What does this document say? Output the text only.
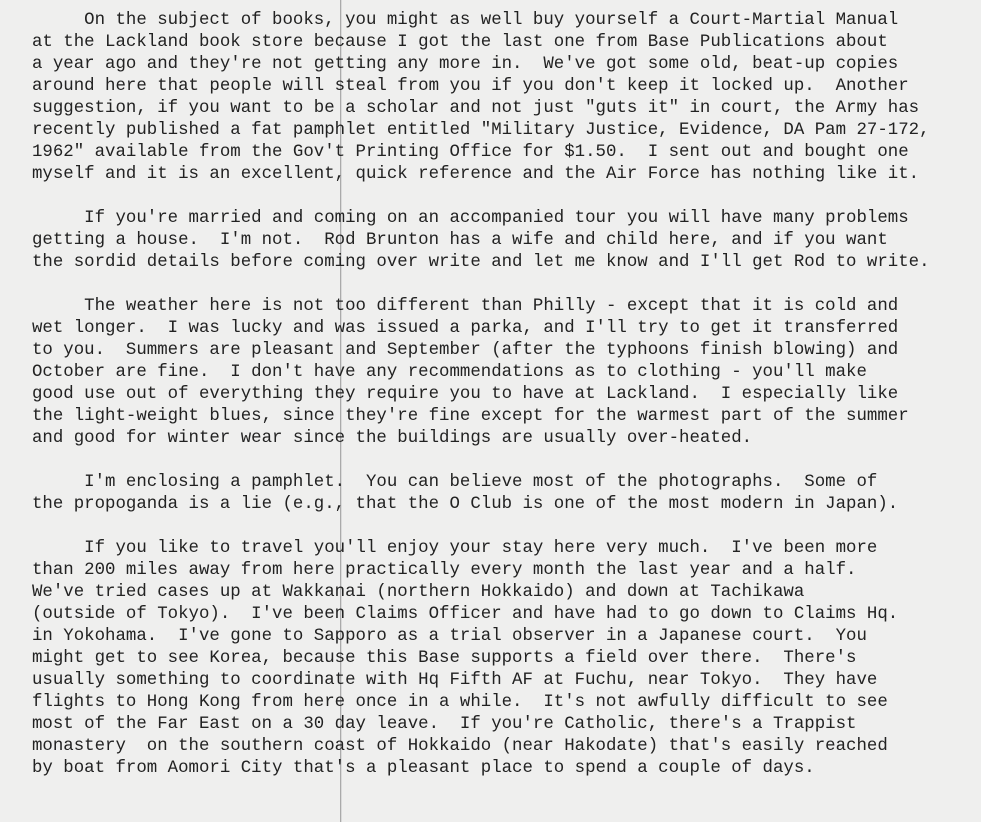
On the subject of books, you might as well buy yourself a Court-Martial Manual
at the Lackland book store because I got the last one from Base Publications about
a year ago and they're not getting any more in.  We've got some old, beat-up copies
around here that people will steal from you if you don't keep it locked up.  Another
suggestion, if you want to be a scholar and not just "guts it" in court, the Army has
recently published a fat pamphlet entitled "Military Justice, Evidence, DA Pam 27-172,
1962" available from the Gov't Printing Office for $1.50.  I sent out and bought one
myself and it is an excellent, quick reference and the Air Force has nothing like it.
If you're married and coming on an accompanied tour you will have many problems
getting a house.  I'm not.  Rod Brunton has a wife and child here, and if you want
the sordid details before coming over write and let me know and I'll get Rod to write.
The weather here is not too different than Philly - except that it is cold and
wet longer.  I was lucky and was issued a parka, and I'll try to get it transferred
to you.  Summers are pleasant and September (after the typhoons finish blowing) and
October are fine.  I don't have any recommendations as to clothing - you'll make
good use out of everything they require you to have at Lackland.  I especially like
the light-weight blues, since they're fine except for the warmest part of the summer
and good for winter wear since the buildings are usually over-heated.
I'm enclosing a pamphlet.  You can believe most of the photographs.  Some of
the propoganda is a lie (e.g., that the O Club is one of the most modern in Japan).
If you like to travel you'll enjoy your stay here very much.  I've been more
than 200 miles away from here practically every month the last year and a half.
We've tried cases up at Wakkanai (northern Hokkaido) and down at Tachikawa
(outside of Tokyo).  I've been Claims Officer and have had to go down to Claims Hq.
in Yokohama.  I've gone to Sapporo as a trial observer in a Japanese court.  You
might get to see Korea, because this Base supports a field over there.  There's
usually something to coordinate with Hq Fifth AF at Fuchu, near Tokyo.  They have
flights to Hong Kong from here once in a while.  It's not awfully difficult to see
most of the Far East on a 30 day leave.  If you're Catholic, there's a Trappist
monastery  on the southern coast of Hokkaido (near Hakodate) that's easily reached
by boat from Aomori City that's a pleasant place to spend a couple of days.
